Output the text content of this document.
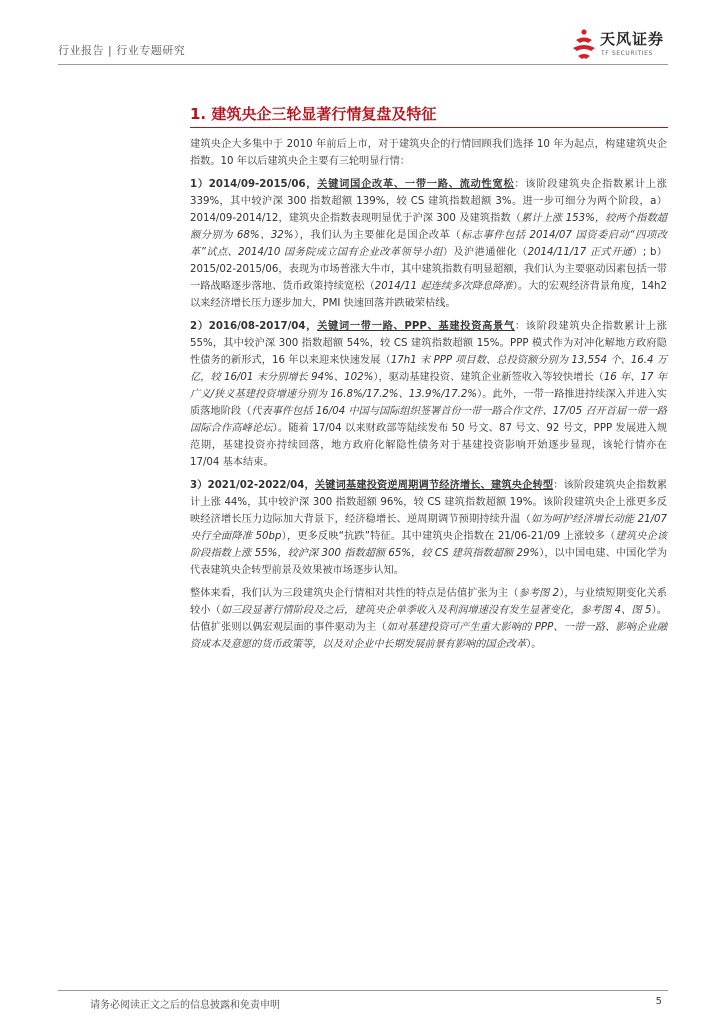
行业报告 | 行业专题研究
天风证券
TF SECURITIES
1. 建筑央企三轮显著行情复盘及特征

建筑央企大多集中于 2010 年前后上市，对于建筑央企的行情回顾我们选择 10 年为起点，构建建筑央企指数。10 年以后建筑央企主要有三轮明显行情：

1）2014/09-2015/06，关键词国企改革、一带一路、流动性宽松：该阶段建筑央企指数累计上涨 339%，其中较沪深 300 指数超额 139%，较 CS 建筑指数超额 3%。进一步可细分为两个阶段，a）2014/09-2014/12，建筑央企指数表现明显优于沪深 300 及建筑指数（累计上涨 153%，较两个指数超额分别为 68%、32%），我们认为主要催化是国企改革（标志事件包括 2014/07 国资委启动“四项改革”试点、2014/10 国务院成立国有企业改革领导小组）及沪港通催化（2014/11/17 正式开通）; b）2015/02-2015/06，表现为市场普涨大牛市，其中建筑指数有明显超额，我们认为主要驱动因素包括一带一路战略逐步落地、货币政策持续宽松（2014/11 起连续多次降息降准）。大的宏观经济背景角度，14h2 以来经济增长压力逐步加大，PMI 快速回落并跌破荣枯线。

2）2016/08-2017/04，关键词一带一路、PPP、基建投资高景气：该阶段建筑央企指数累计上涨 55%，其中较沪深 300 指数超额 54%，较 CS 建筑指数超额 15%。PPP 模式作为对冲化解地方政府隐性债务的新形式，16 年以来迎来快速发展（17h1 末 PPP 项目数、总投资额分别为 13,554 个、16.4 万亿，较 16/01 末分别增长 94%、102%），驱动基建投资、建筑企业新签收入等较快增长（16 年、17 年广义/狭义基建投资增速分别为 16.8%/17.2%、13.9%/17.2%）。此外，一带一路推进持续深入并进入实质落地阶段（代表事件包括 16/04 中国与国际组织签署首份一带一路合作文件、17/05 召开首届一带一路国际合作高峰论坛）。随着 17/04 以来财政部等陆续发布 50 号文、87 号文、92 号文，PPP 发展进入规范期，基建投资亦持续回落，地方政府化解隐性债务对于基建投资影响开始逐步显现，该轮行情亦在 17/04 基本结束。

3）2021/02-2022/04，关键词基建投资逆周期调节经济增长、建筑央企转型：该阶段建筑央企指数累计上涨 44%，其中较沪深 300 指数超额 96%，较 CS 建筑指数超额 19%。该阶段建筑央企上涨更多反映经济增长压力边际加大背景下，经济稳增长、逆周期调节预期持续升温（如为呵护经济增长动能 21/07 央行全面降准 50bp），更多反映“抗跌”特征。其中建筑央企指数在 21/06-21/09 上涨较多（建筑央企该阶段指数上涨 55%，较沪深 300 指数超额 65%，较 CS 建筑指数超额 29%），以中国电建、中国化学为代表建筑央企转型前景及效果被市场逐步认知。

整体来看，我们认为三段建筑央企行情相对共性的特点是估值扩张为主（参考图 2），与业绩短期变化关系较小（如三段显著行情阶段及之后，建筑央企单季收入及利润增速没有发生显著变化，参考图 4、图 5）。估值扩张则以偶宏观层面的事件驱动为主（如对基建投资可产生重大影响的 PPP、一带一路、影响企业融资成本及意愿的货币政策等，以及对企业中长期发展前景有影响的国企改革）。

请务必阅读正文之后的信息披露和免责申明	5
